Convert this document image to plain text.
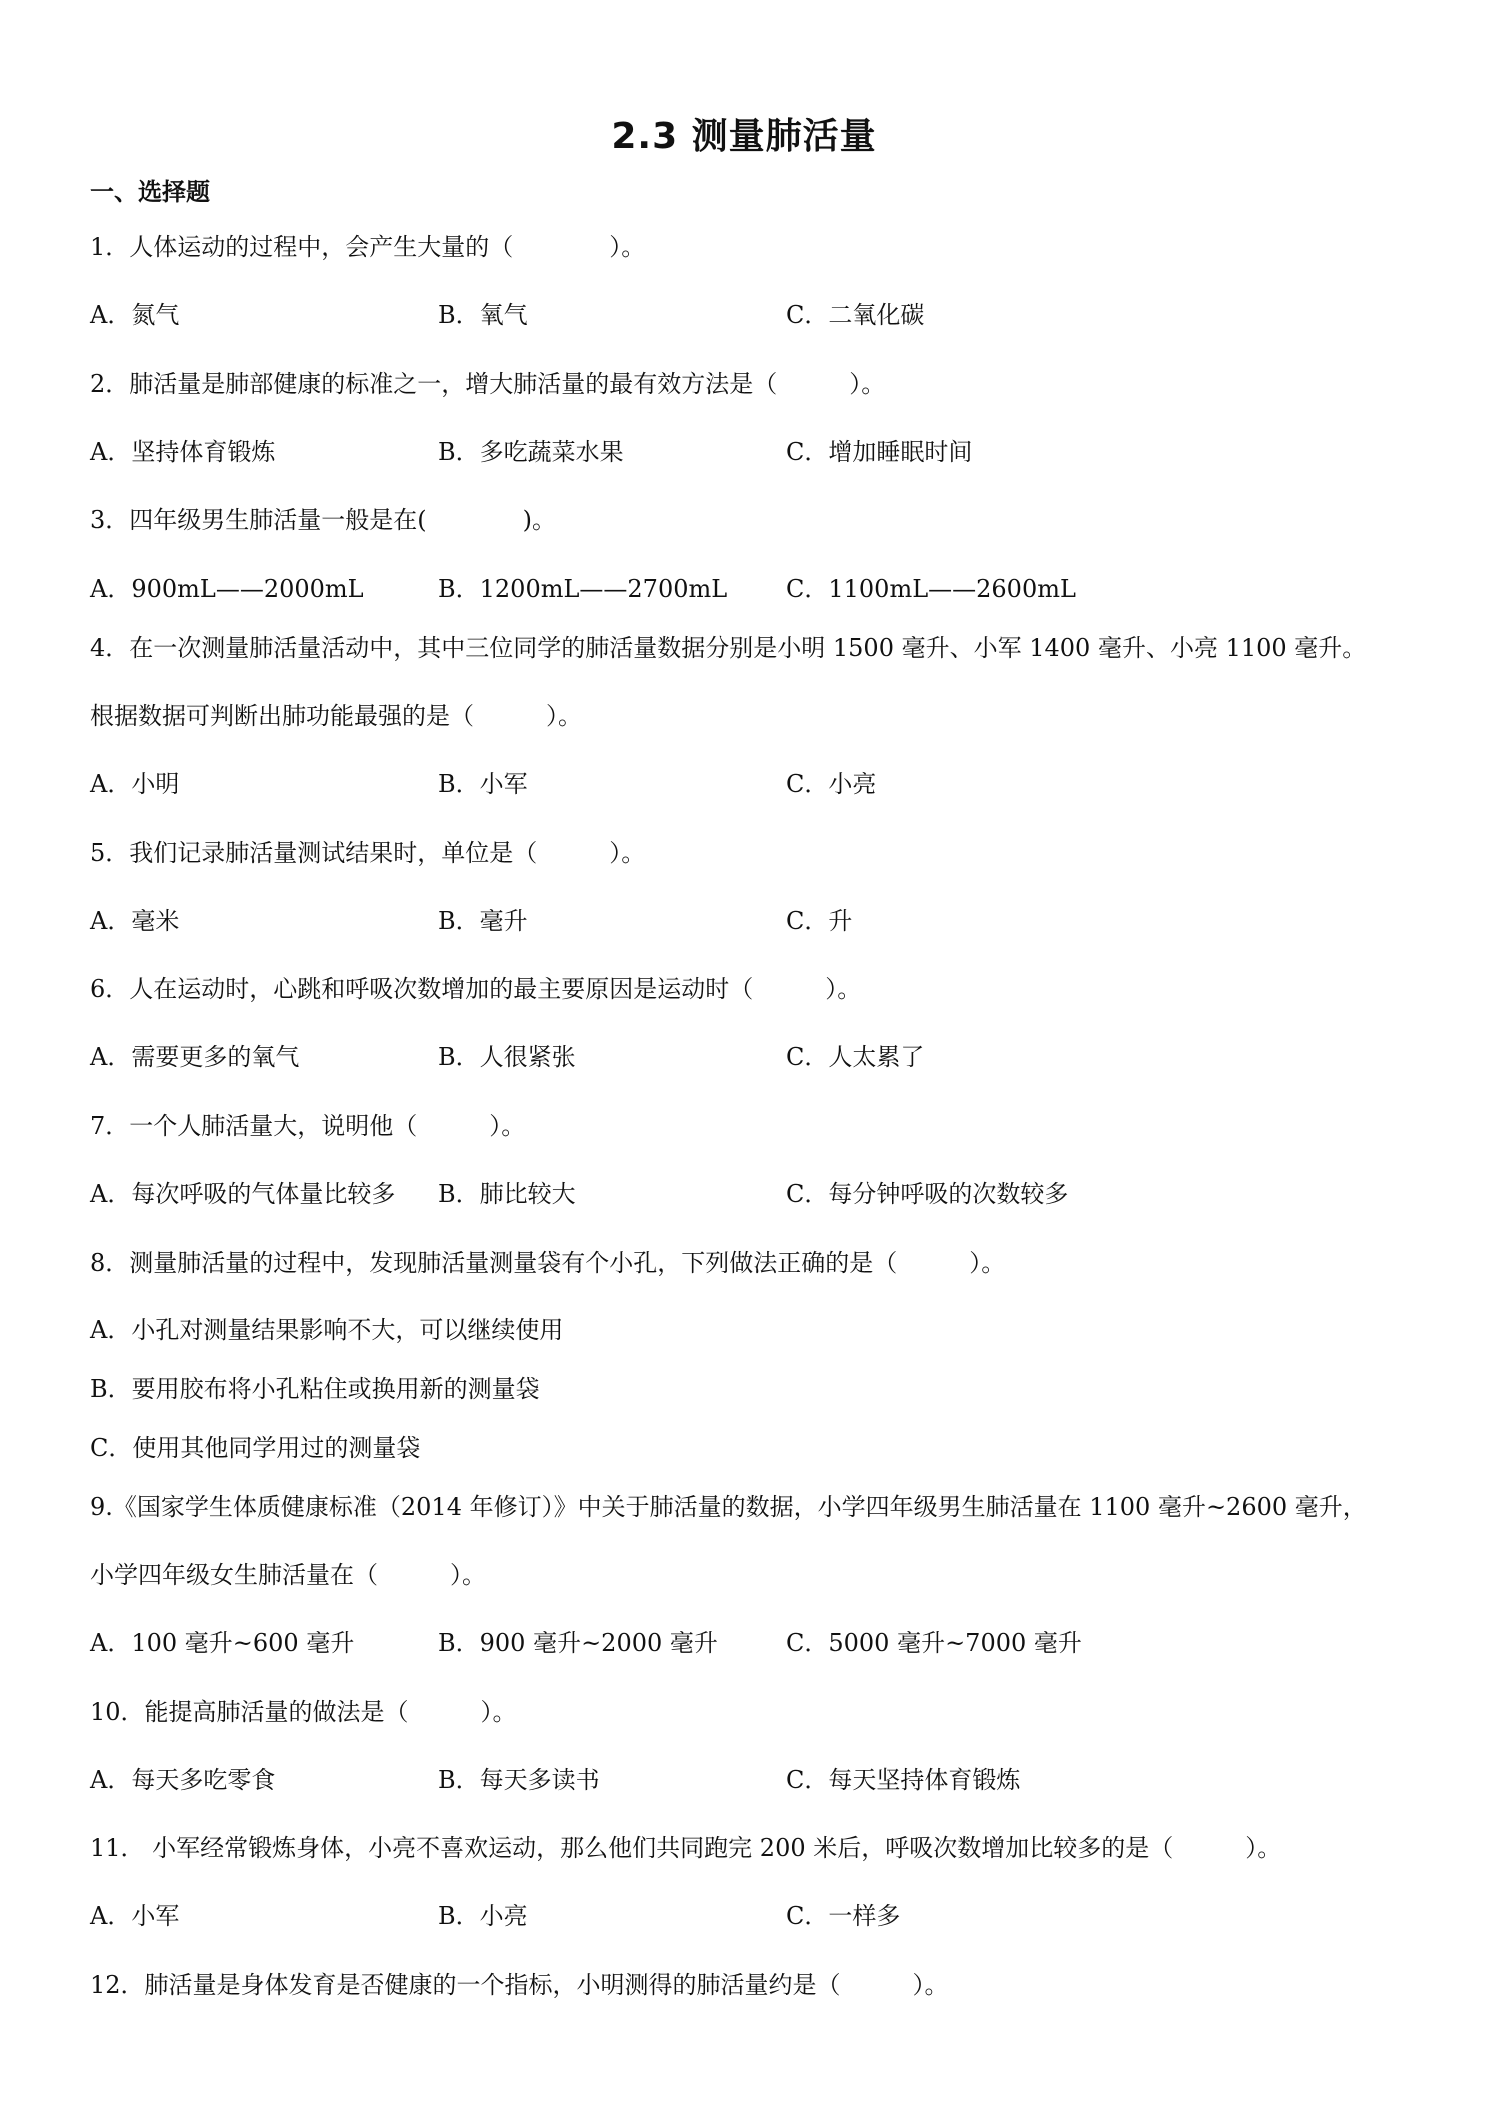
2.3 测量肺活量
一、选择题
1．人体运动的过程中，会产生大量的（　　　　）。
A．氮气	B．氧气	C．二氧化碳
2．肺活量是肺部健康的标准之一，增大肺活量的最有效方法是（　　　）。
A．坚持体育锻炼	B．多吃蔬菜水果	C．增加睡眠时间
3．四年级男生肺活量一般是在(　　　　)。
A．900mL——2000mL	B．1200mL——2700mL C．1100mL——2600mL
4．在一次测量肺活量活动中，其中三位同学的肺活量数据分别是小明 1500 毫升、小军 1400 毫升、小亮 1100 毫升。
根据数据可判断出肺功能最强的是（　　　）。
A．小明	B．小军	C．小亮
5．我们记录肺活量测试结果时，单位是（　　　）。
A．毫米	B．毫升	C．升
6．人在运动时，心跳和呼吸次数增加的最主要原因是运动时（　　　）。
A．需要更多的氧气	B．人很紧张	C．人太累了
7．一个人肺活量大，说明他（　　　）。
A．每次呼吸的气体量比较多 B．肺比较大	C．每分钟呼吸的次数较多
8．测量肺活量的过程中，发现肺活量测量袋有个小孔，下列做法正确的是（　　　）。
A．小孔对测量结果影响不大，可以继续使用
B．要用胶布将小孔粘住或换用新的测量袋
C．使用其他同学用过的测量袋
9.《国家学生体质健康标准（2014 年修订）》中关于肺活量的数据，小学四年级男生肺活量在 1100 毫升~2600 毫升，
小学四年级女生肺活量在（　　　）。
A．100 毫升~600 毫升	B．900 毫升~2000 毫升	C．5000 毫升~7000 毫升
10．能提高肺活量的做法是（　　　）。
A．每天多吃零食	B．每天多读书	C．每天坚持体育锻炼
11． 小军经常锻炼身体，小亮不喜欢运动，那么他们共同跑完 200 米后，呼吸次数增加比较多的是（　　　）。
A．小军	B．小亮	C．一样多
12．肺活量是身体发育是否健康的一个指标，小明测得的肺活量约是（　　　）。
